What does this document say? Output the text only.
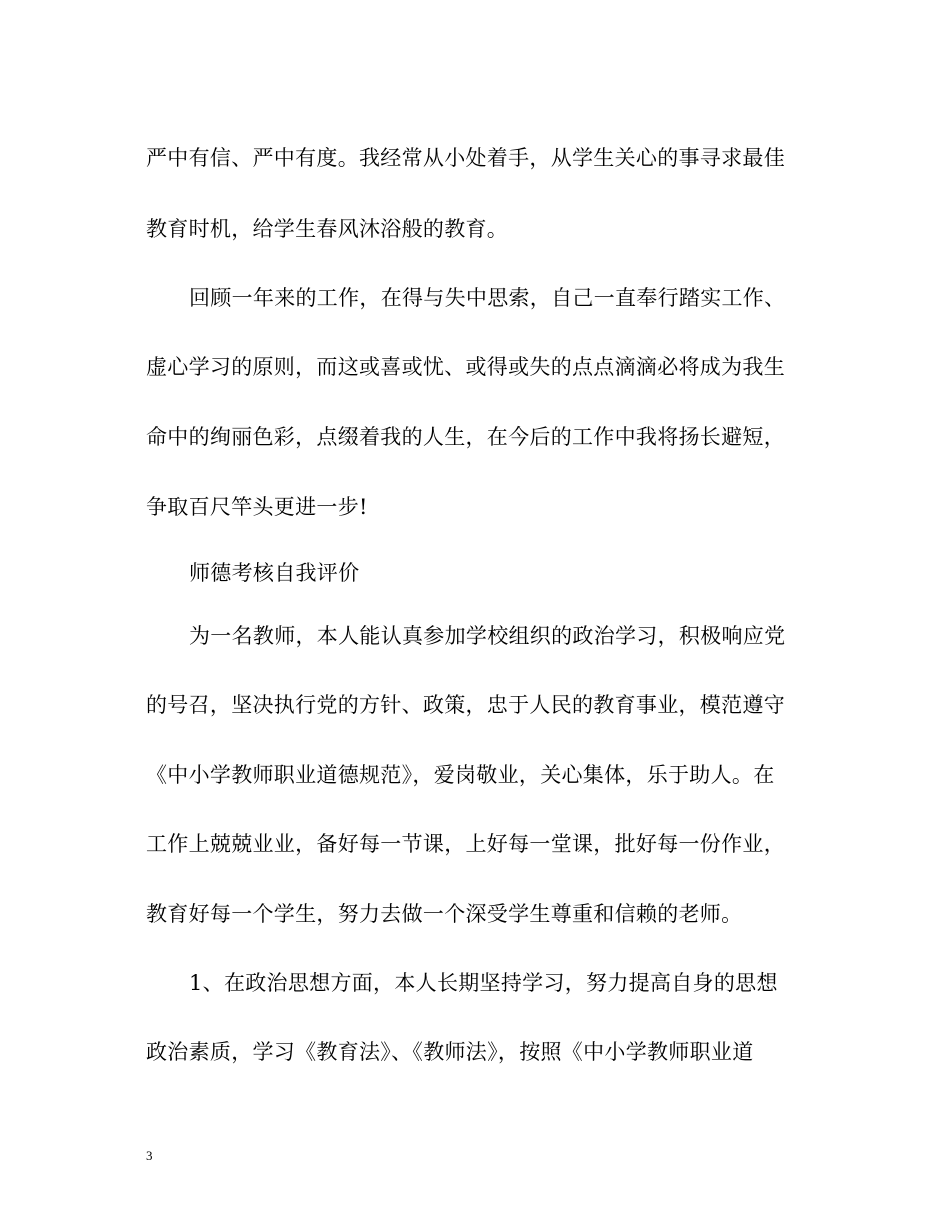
严中有信、严中有度。我经常从小处着手，从学生关心的事寻求最佳
教育时机，给学生春风沐浴般的教育。
回顾一年来的工作，在得与失中思索，自己一直奉行踏实工作、
虚心学习的原则，而这或喜或忧、或得或失的点点滴滴必将成为我生
命中的绚丽色彩，点缀着我的人生，在今后的工作中我将扬长避短，
争取百尺竿头更进一步!
师德考核自我评价
为一名教师，本人能认真参加学校组织的政治学习，积极响应党
的号召，坚决执行党的方针、政策，忠于人民的教育事业，模范遵守
《中小学教师职业道德规范》，爱岗敬业，关心集体，乐于助人。在
工作上兢兢业业，备好每一节课，上好每一堂课，批好每一份作业，
教育好每一个学生，努力去做一个深受学生尊重和信赖的老师。
1、在政治思想方面，本人长期坚持学习，努力提高自身的思想
政治素质，学习《教育法》、《教师法》，按照《中小学教师职业道
3
